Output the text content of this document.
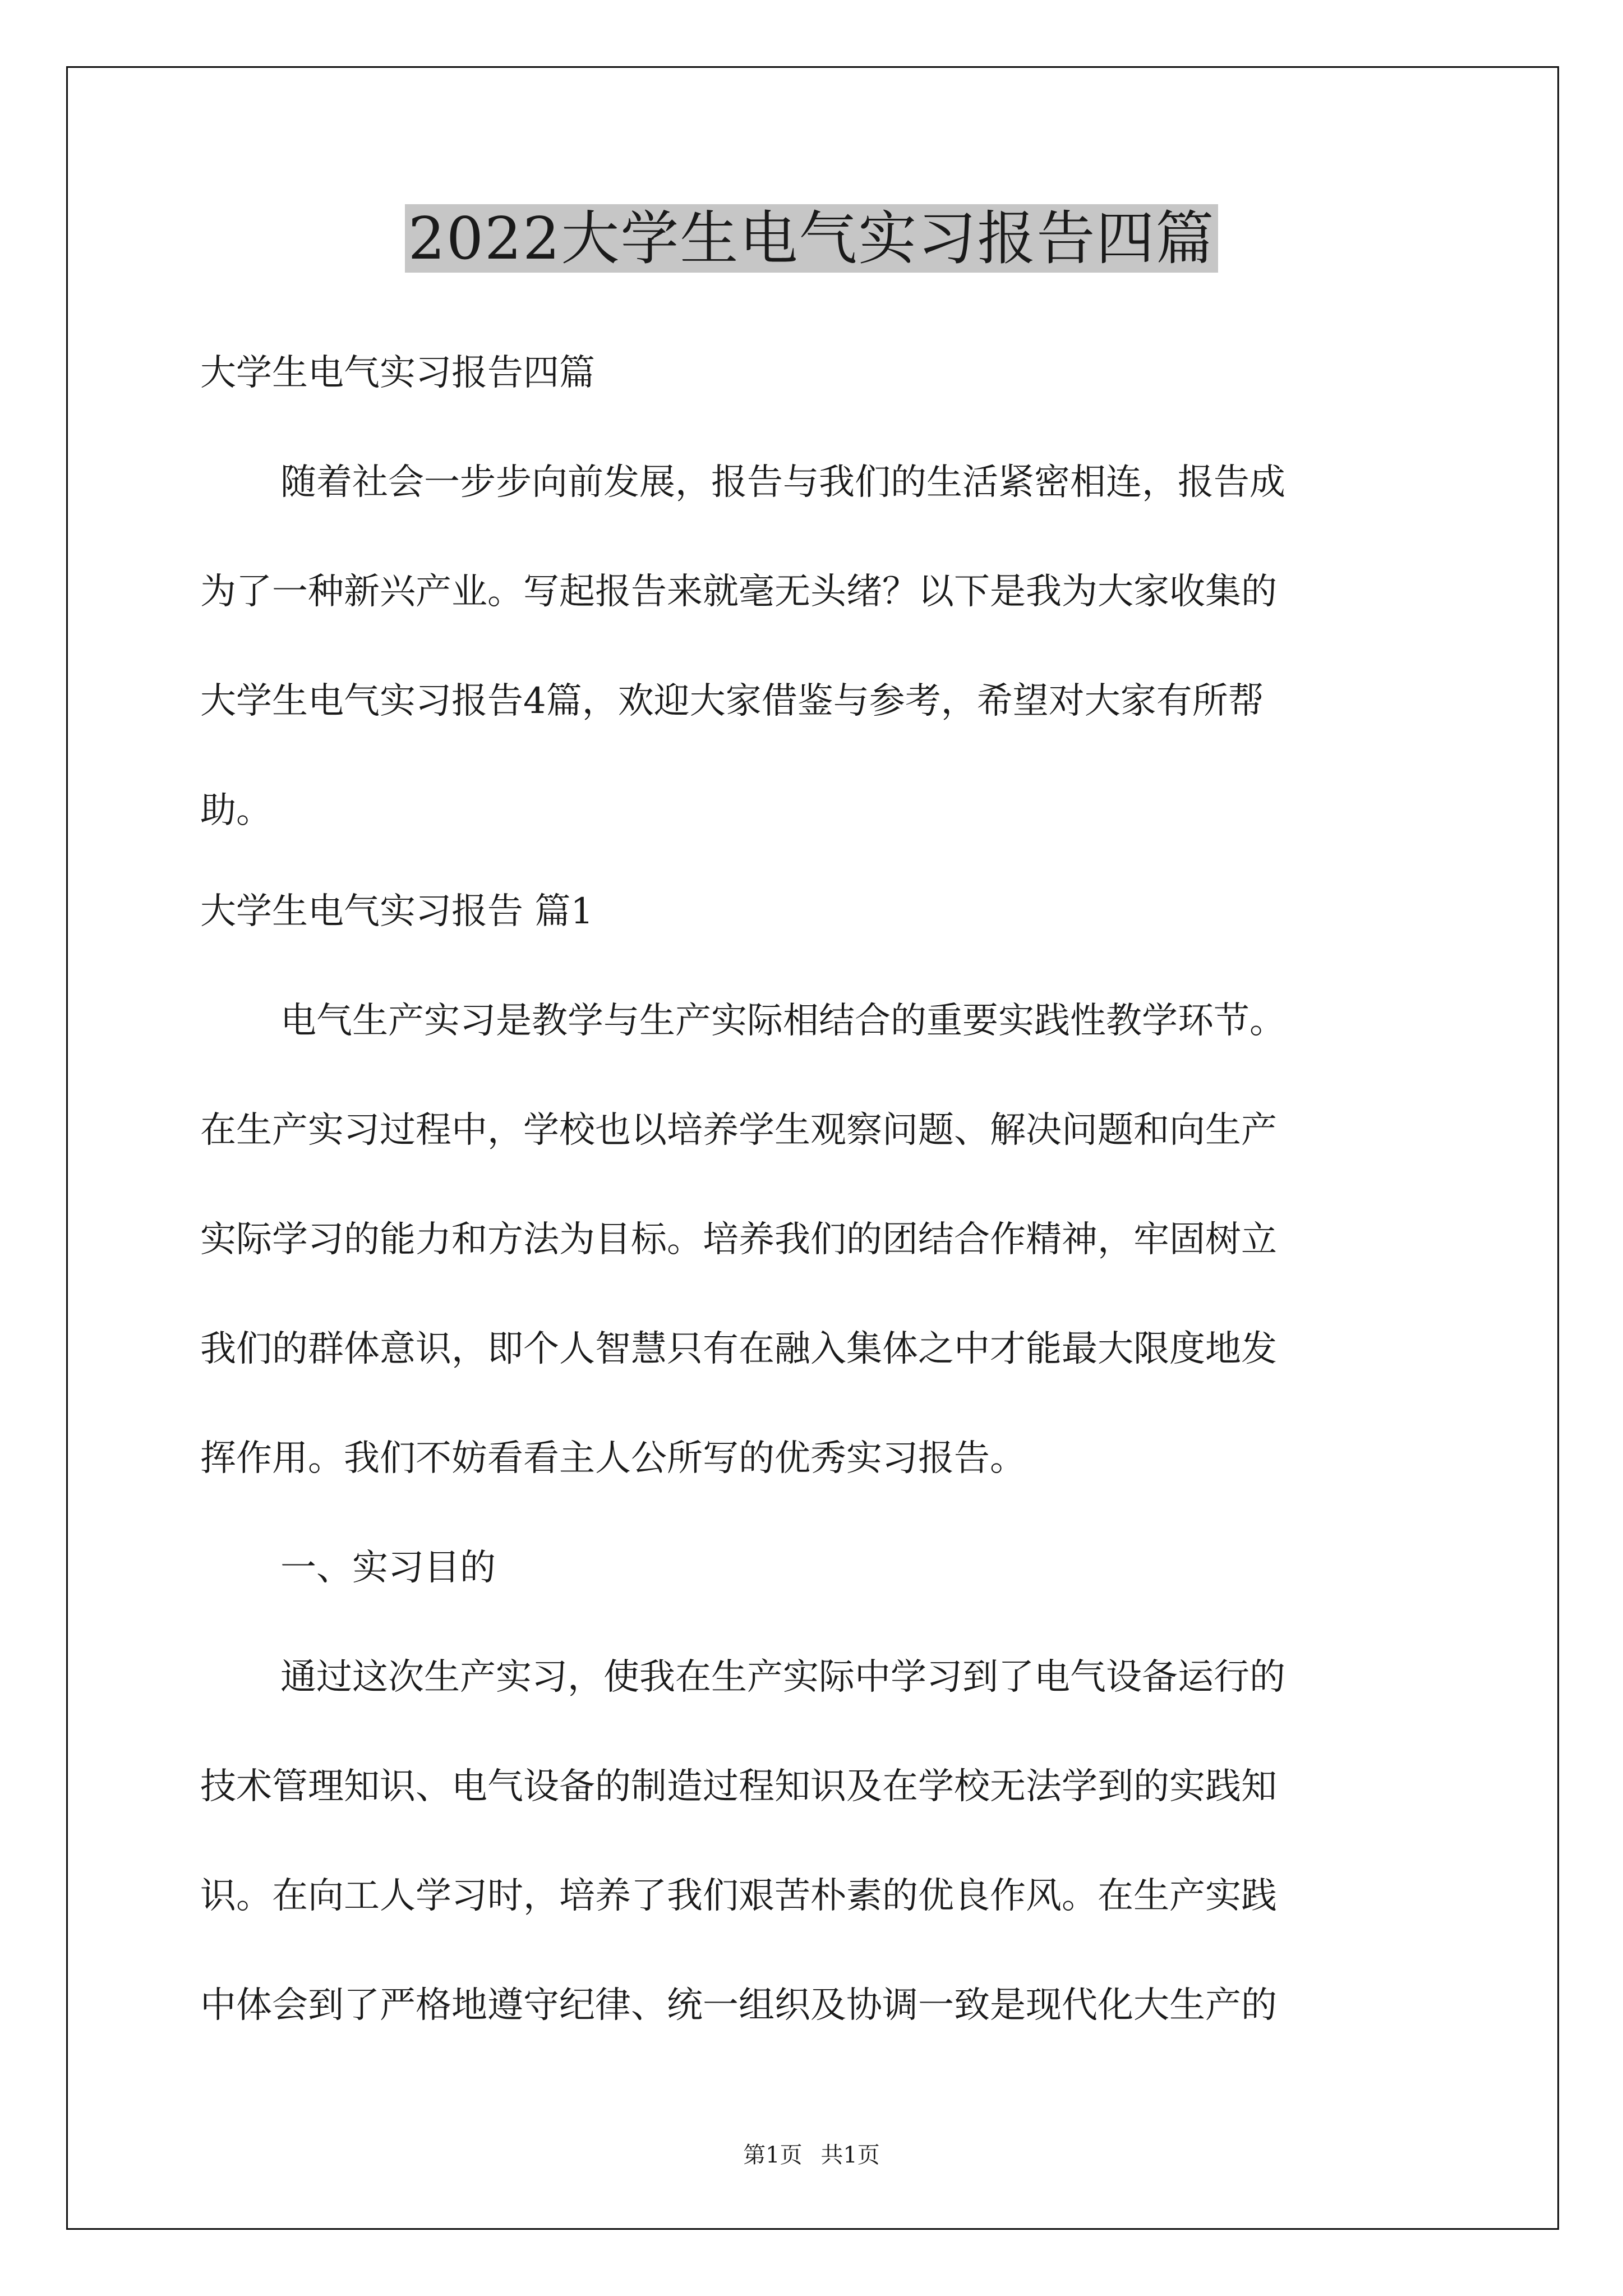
2022大学生电气实习报告四篇
大学生电气实习报告四篇
随着社会一步步向前发展，报告与我们的生活紧密相连，报告成
为了一种新兴产业。写起报告来就毫无头绪？以下是我为大家收集的
大学生电气实习报告4篇，欢迎大家借鉴与参考，希望对大家有所帮
助。
大学生电气实习报告 篇1
电气生产实习是教学与生产实际相结合的重要实践性教学环节。
在生产实习过程中，学校也以培养学生观察问题、解决问题和向生产
实际学习的能力和方法为目标。培养我们的团结合作精神，牢固树立
我们的群体意识，即个人智慧只有在融入集体之中才能最大限度地发
挥作用。我们不妨看看主人公所写的优秀实习报告。
一、实习目的
通过这次生产实习，使我在生产实际中学习到了电气设备运行的
技术管理知识、电气设备的制造过程知识及在学校无法学到的实践知
识。在向工人学习时，培养了我们艰苦朴素的优良作风。在生产实践
中体会到了严格地遵守纪律、统一组织及协调一致是现代化大生产的
第1页 共1页
